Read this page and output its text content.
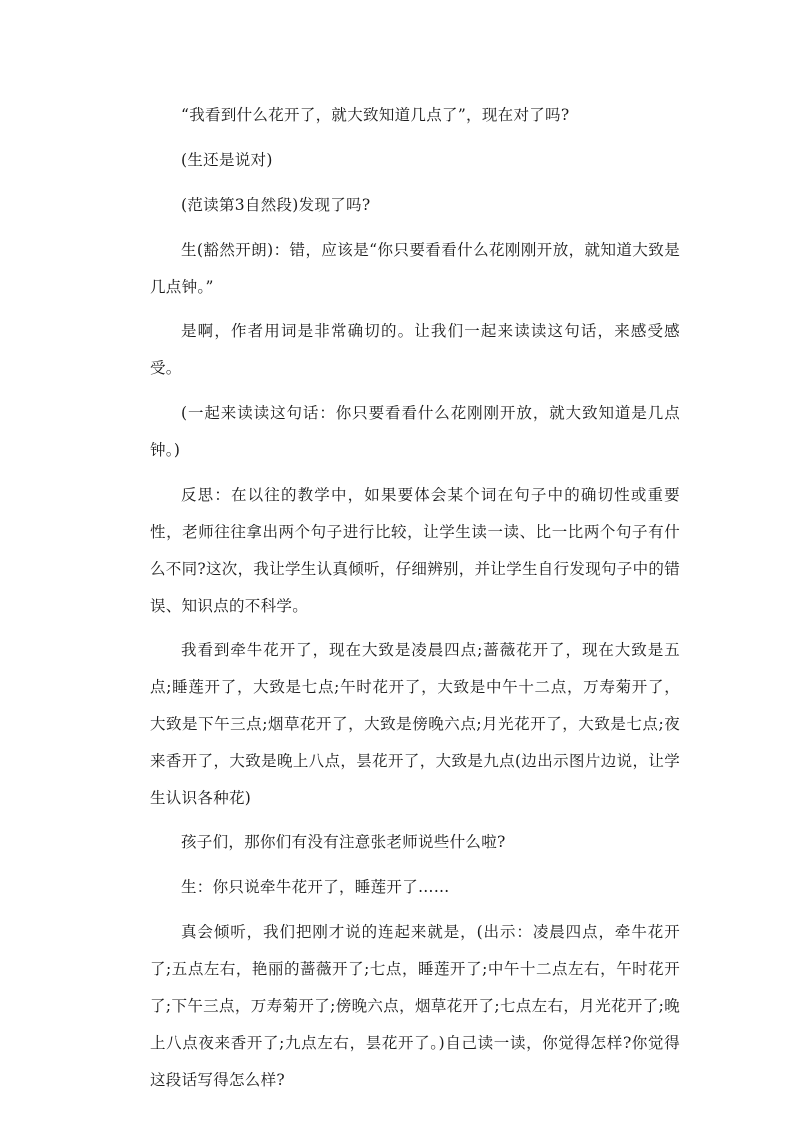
“我看到什么花开了，就大致知道几点了”，现在对了吗?

(生还是说对)

(范读第3自然段)发现了吗?

生(豁然开朗)：错，应该是“你只要看看什么花刚刚开放，就知道大致是几点钟。”

是啊，作者用词是非常确切的。让我们一起来读读这句话，来感受感受。

(一起来读读这句话：你只要看看什么花刚刚开放，就大致知道是几点钟。)

反思：在以往的教学中，如果要体会某个词在句子中的确切性或重要性，老师往往拿出两个句子进行比较，让学生读一读、比一比两个句子有什么不同?这次，我让学生认真倾听，仔细辨别，并让学生自行发现句子中的错误、知识点的不科学。

我看到牵牛花开了，现在大致是凌晨四点;蔷薇花开了，现在大致是五点;睡莲开了，大致是七点;午时花开了，大致是中午十二点，万寿菊开了，大致是下午三点;烟草花开了，大致是傍晚六点;月光花开了，大致是七点;夜来香开了，大致是晚上八点，昙花开了，大致是九点(边出示图片边说，让学生认识各种花)

孩子们，那你们有没有注意张老师说些什么啦?

生：你只说牵牛花开了，睡莲开了……

真会倾听，我们把刚才说的连起来就是，(出示：凌晨四点，牵牛花开了;五点左右，艳丽的蔷薇开了;七点，睡莲开了;中午十二点左右，午时花开了;下午三点，万寿菊开了;傍晚六点，烟草花开了;七点左右，月光花开了;晚上八点夜来香开了;九点左右，昙花开了。)自己读一读，你觉得怎样?你觉得这段话写得怎么样?
